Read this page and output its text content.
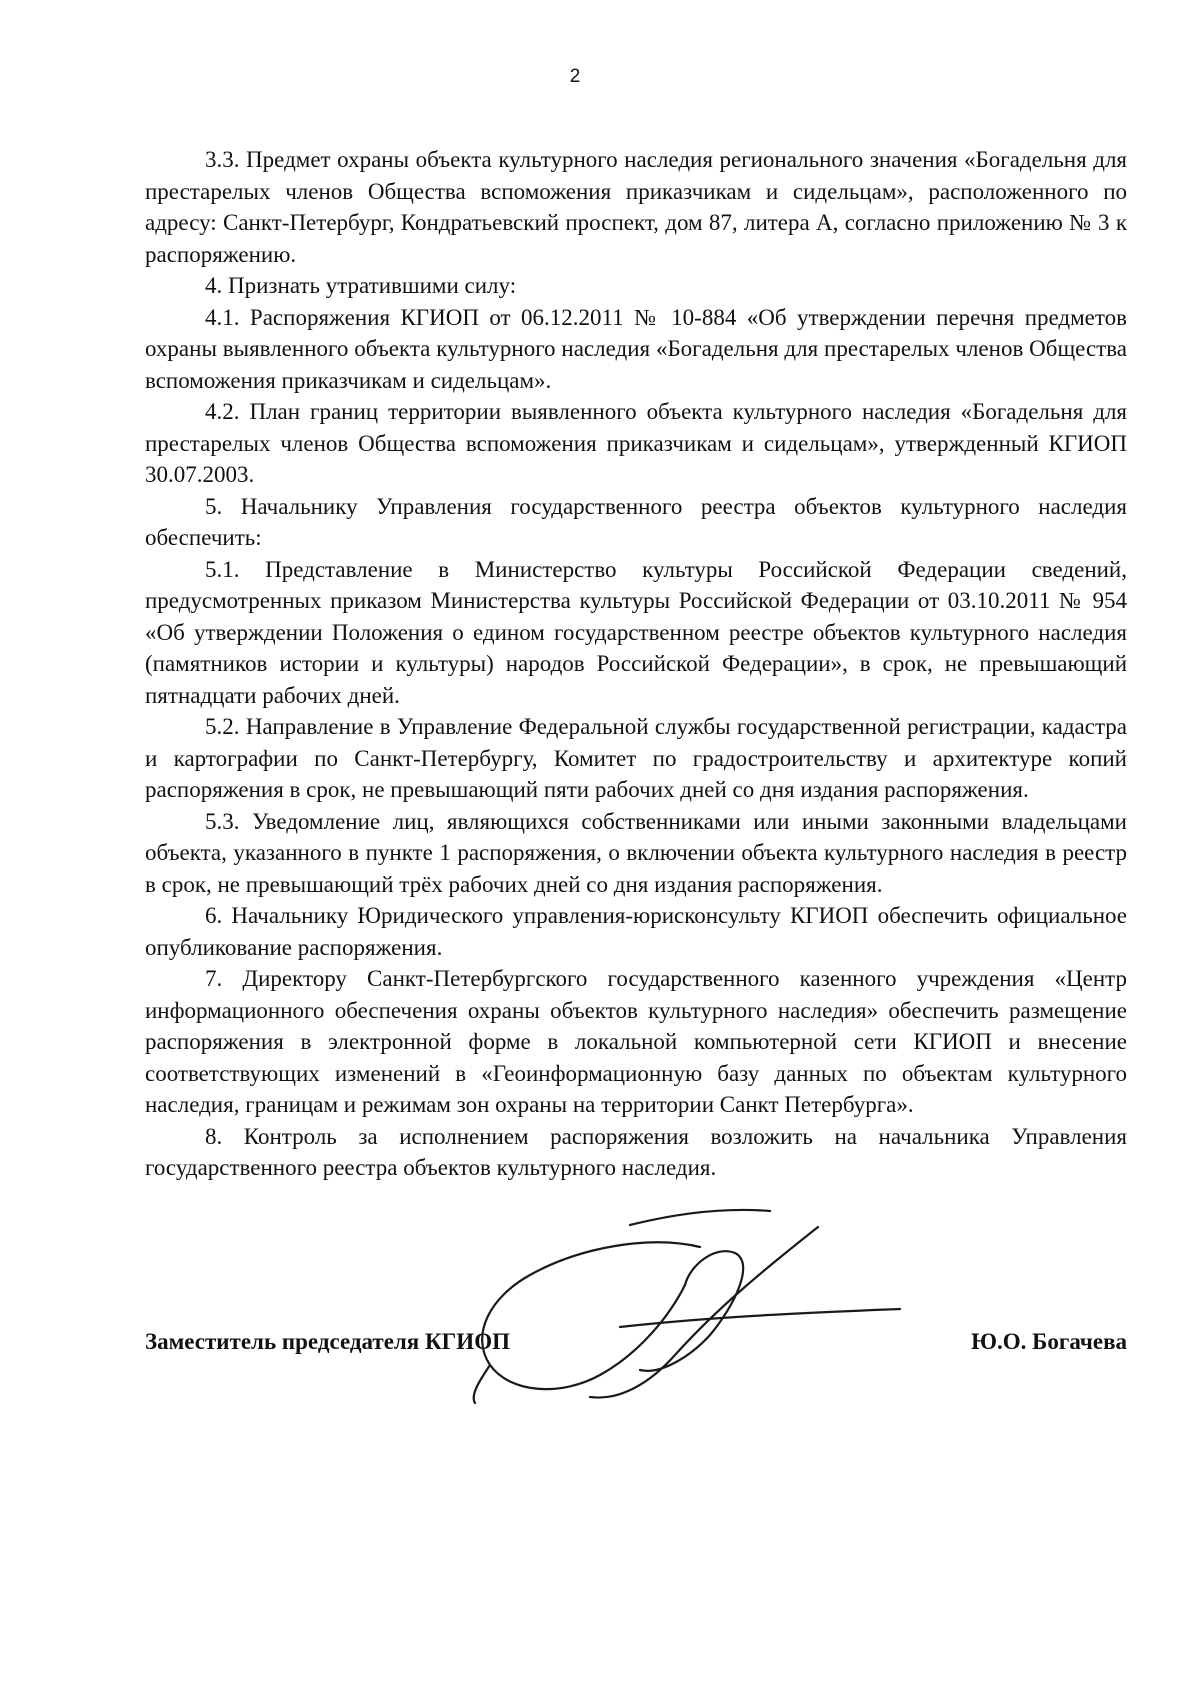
2

3.3. Предмет охраны объекта культурного наследия регионального значения «Богадельня для престарелых членов Общества вспоможения приказчикам и сидельцам», расположенного по адресу: Санкт-Петербург, Кондратьевский проспект, дом 87, литера А, согласно приложению № 3 к распоряжению.

4. Признать утратившими силу:

4.1. Распоряжения КГИОП от 06.12.2011 № 10-884 «Об утверждении перечня предметов охраны выявленного объекта культурного наследия «Богадельня для престарелых членов Общества вспоможения приказчикам и сидельцам».

4.2. План границ территории выявленного объекта культурного наследия «Богадельня для престарелых членов Общества вспоможения приказчикам и сидельцам», утвержденный КГИОП 30.07.2003.

5. Начальнику Управления государственного реестра объектов культурного наследия обеспечить:

5.1. Представление в Министерство культуры Российской Федерации сведений, предусмотренных приказом Министерства культуры Российской Федерации от 03.10.2011 № 954 «Об утверждении Положения о едином государственном реестре объектов культурного наследия (памятников истории и культуры) народов Российской Федерации», в срок, не превышающий пятнадцати рабочих дней.

5.2. Направление в Управление Федеральной службы государственной регистрации, кадастра и картографии по Санкт-Петербургу, Комитет по градостроительству и архитектуре копий распоряжения в срок, не превышающий пяти рабочих дней со дня издания распоряжения.

5.3. Уведомление лиц, являющихся собственниками или иными законными владельцами объекта, указанного в пункте 1 распоряжения, о включении объекта культурного наследия в реестр в срок, не превышающий трёх рабочих дней со дня издания распоряжения.

6. Начальнику Юридического управления-юрисконсульту КГИОП обеспечить официальное опубликование распоряжения.

7. Директору Санкт-Петербургского государственного казенного учреждения «Центр информационного обеспечения охраны объектов культурного наследия» обеспечить размещение распоряжения в электронной форме в локальной компьютерной сети КГИОП и внесение соответствующих изменений в «Геоинформационную базу данных по объектам культурного наследия, границам и режимам зон охраны на территории Санкт Петербурга».

8. Контроль за исполнением распоряжения возложить на начальника Управления государственного реестра объектов культурного наследия.

Заместитель председателя КГИОП	Ю.О. Богачева
